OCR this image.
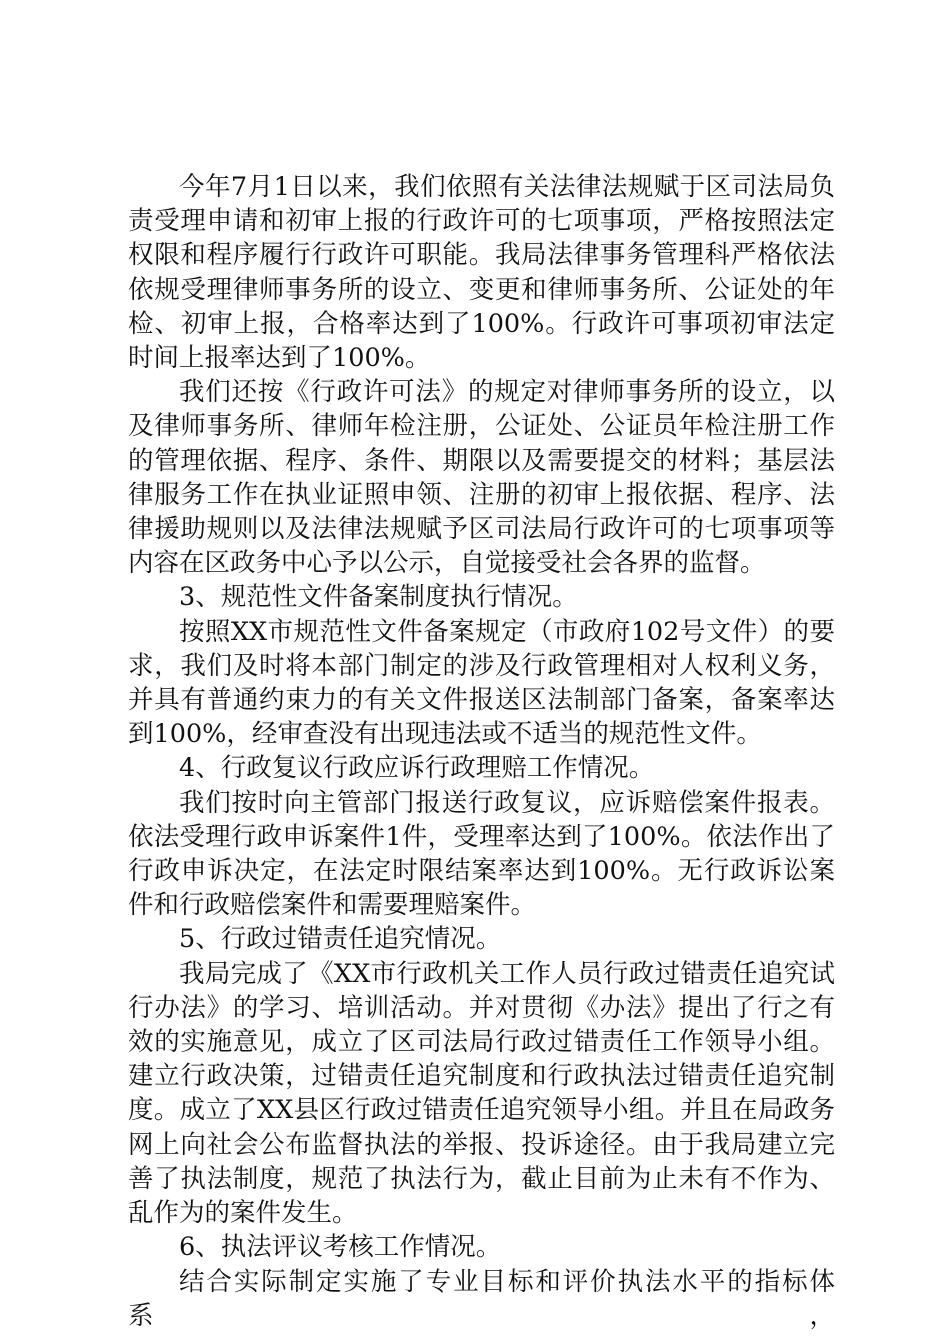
今年7月1日以来，我们依照有关法律法规赋于区司法局负责受理申请和初审上报的行政许可的七项事项，严格按照法定权限和程序履行行政许可职能。我局法律事务管理科严格依法依规受理律师事务所的设立、变更和律师事务所、公证处的年检、初审上报，合格率达到了100%。行政许可事项初审法定时间上报率达到了100%。

我们还按《行政许可法》的规定对律师事务所的设立，以及律师事务所、律师年检注册，公证处、公证员年检注册工作的管理依据、程序、条件、期限以及需要提交的材料；基层法律服务工作在执业证照申领、注册的初审上报依据、程序、法律援助规则以及法律法规赋予区司法局行政许可的七项事项等内容在区政务中心予以公示，自觉接受社会各界的监督。

3、规范性文件备案制度执行情况。

按照XX市规范性文件备案规定（市政府102号文件）的要求，我们及时将本部门制定的涉及行政管理相对人权利义务，并具有普通约束力的有关文件报送区法制部门备案，备案率达到100%，经审查没有出现违法或不适当的规范性文件。

4、行政复议行政应诉行政理赔工作情况。

我们按时向主管部门报送行政复议，应诉赔偿案件报表。依法受理行政申诉案件1件，受理率达到了100%。依法作出了行政申诉决定，在法定时限结案率达到100%。无行政诉讼案件和行政赔偿案件和需要理赔案件。

5、行政过错责任追究情况。

我局完成了《XX市行政机关工作人员行政过错责任追究试行办法》的学习、培训活动。并对贯彻《办法》提出了行之有效的实施意见，成立了区司法局行政过错责任工作领导小组。建立行政决策，过错责任追究制度和行政执法过错责任追究制度。成立了XX县区行政过错责任追究领导小组。并且在局政务网上向社会公布监督执法的举报、投诉途径。由于我局建立完善了执法制度，规范了执法行为，截止目前为止未有不作为、乱作为的案件发生。

6、执法评议考核工作情况。

结合实际制定实施了专业目标和评价执法水平的指标体系，
